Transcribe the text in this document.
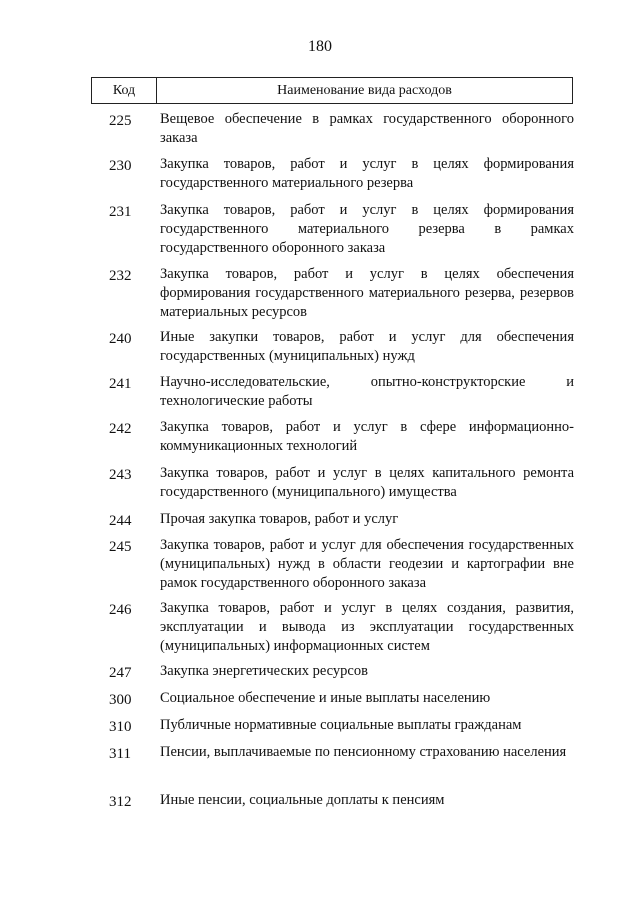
180
Код	Наименование вида расходов
225	Вещевое обеспечение в рамках государственного оборонного заказа
230	Закупка товаров, работ и услуг в целях формирования государственного материального резерва
231	Закупка товаров, работ и услуг в целях формирования государственного материального резерва в рамках государственного оборонного заказа
232	Закупка товаров, работ и услуг в целях обеспечения формирования государственного материального резерва, резервов материальных ресурсов
240	Иные закупки товаров, работ и услуг для обеспечения государственных (муниципальных) нужд
241	Научно-исследовательские, опытно-конструкторские и технологические работы
242	Закупка товаров, работ и услуг в сфере информационно-коммуникационных технологий
243	Закупка товаров, работ и услуг в целях капитального ремонта государственного (муниципального) имущества
244	Прочая закупка товаров, работ и услуг
245	Закупка товаров, работ и услуг для обеспечения государственных (муниципальных) нужд в области геодезии и картографии вне рамок государственного оборонного заказа
246	Закупка товаров, работ и услуг в целях создания, развития, эксплуатации и вывода из эксплуатации государственных (муниципальных) информационных систем
247	Закупка энергетических ресурсов
300	Социальное обеспечение и иные выплаты населению
310	Публичные нормативные социальные выплаты гражданам
311	Пенсии, выплачиваемые по пенсионному страхованию населения
312	Иные пенсии, социальные доплаты к пенсиям
